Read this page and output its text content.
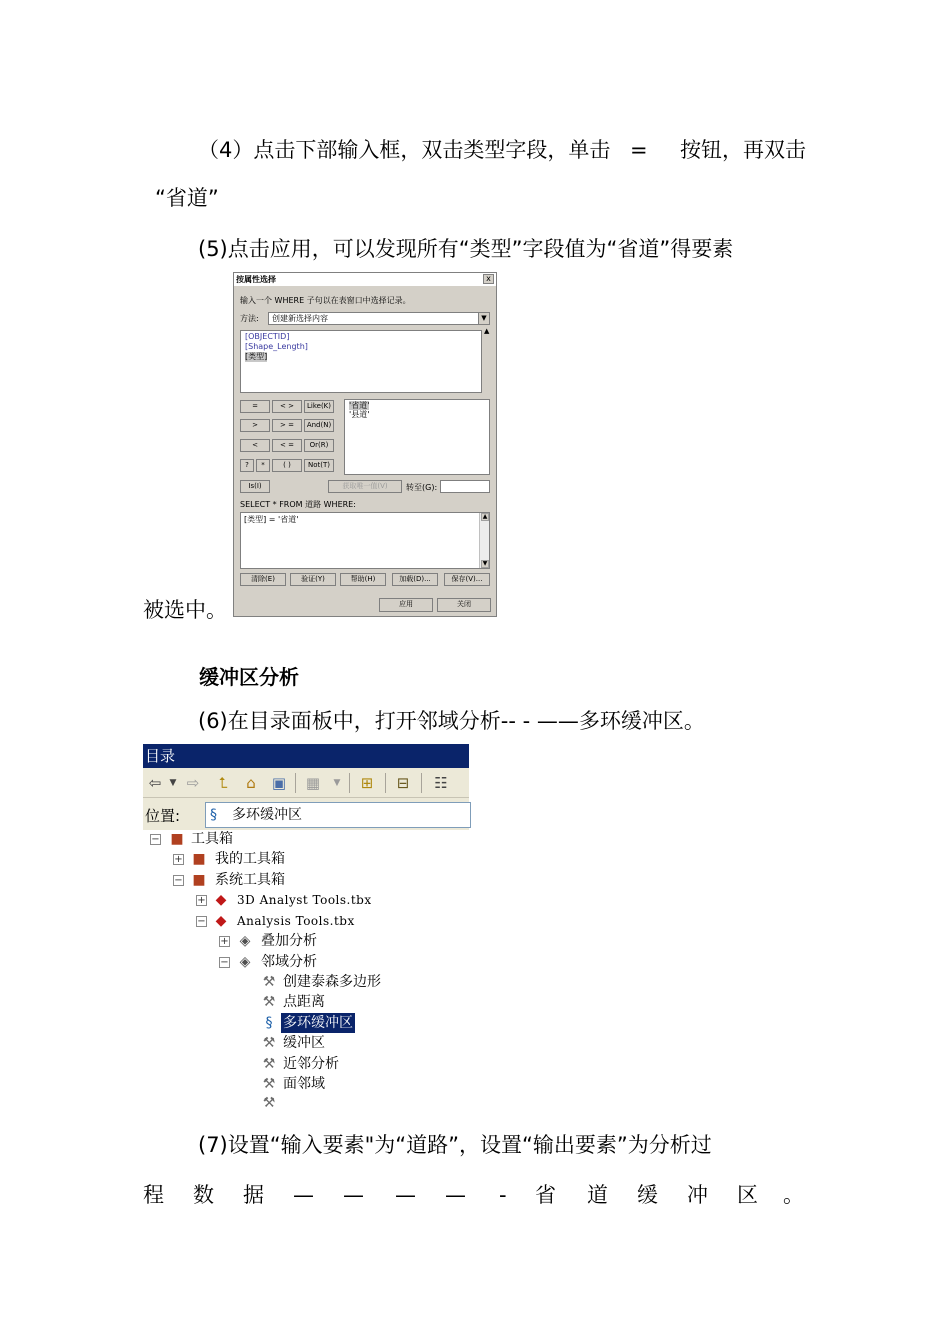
（4）点击下部输入框，双击类型字段，单击 = 按钮，再双击
“省道”
(5)点击应用，可以发现所有“类型”字段值为“省道”得要素
被选中。
按属性选择	x
输入一个 WHERE 子句以在表窗口中选择记录。
方法:	创建新选择内容	▼
▲
[OBJECTID]
[Shape_Length]
[类型]
=	< >	Like(K)
>	> =	And(N)
<	< =	Or(R)
?	*	( )	Not(T)
Is(I)
'省道'
'县道'
获取唯一值(V)	转至(G):
SELECT * FROM 道路 WHERE:
[类型] = '省道'	▲
▼
清除(E)	验证(Y)	帮助(H)	加载(D)...	保存(V)...
应用	关闭
缓冲区分析
(6)在目录面板中，打开邻域分析-- - ——多环缓冲区。
目录
⇦ ▼ ⇨	⮤	⌂	▣ ▦	▼	⊞ ⊟ ☷
位置: §	多环缓冲区
− ■ 工具箱
+ ■ 我的工具箱
− ■ 系统工具箱
+ ◆ 3D Analyst Tools.tbx
− ◆ Analysis Tools.tbx
+ ◈ 叠加分析
− ◈ 邻域分析
⚒ 创建泰森多边形
⚒ 点距离
§ 多环缓冲区
⚒ 缓冲区
⚒ 近邻分析
⚒ 面邻域
⚒
(7)设置“输入要素"为“道路”，设置“输出要素”为分析过
程 数 据 — — — — - 省 道 缓 冲 区 。
